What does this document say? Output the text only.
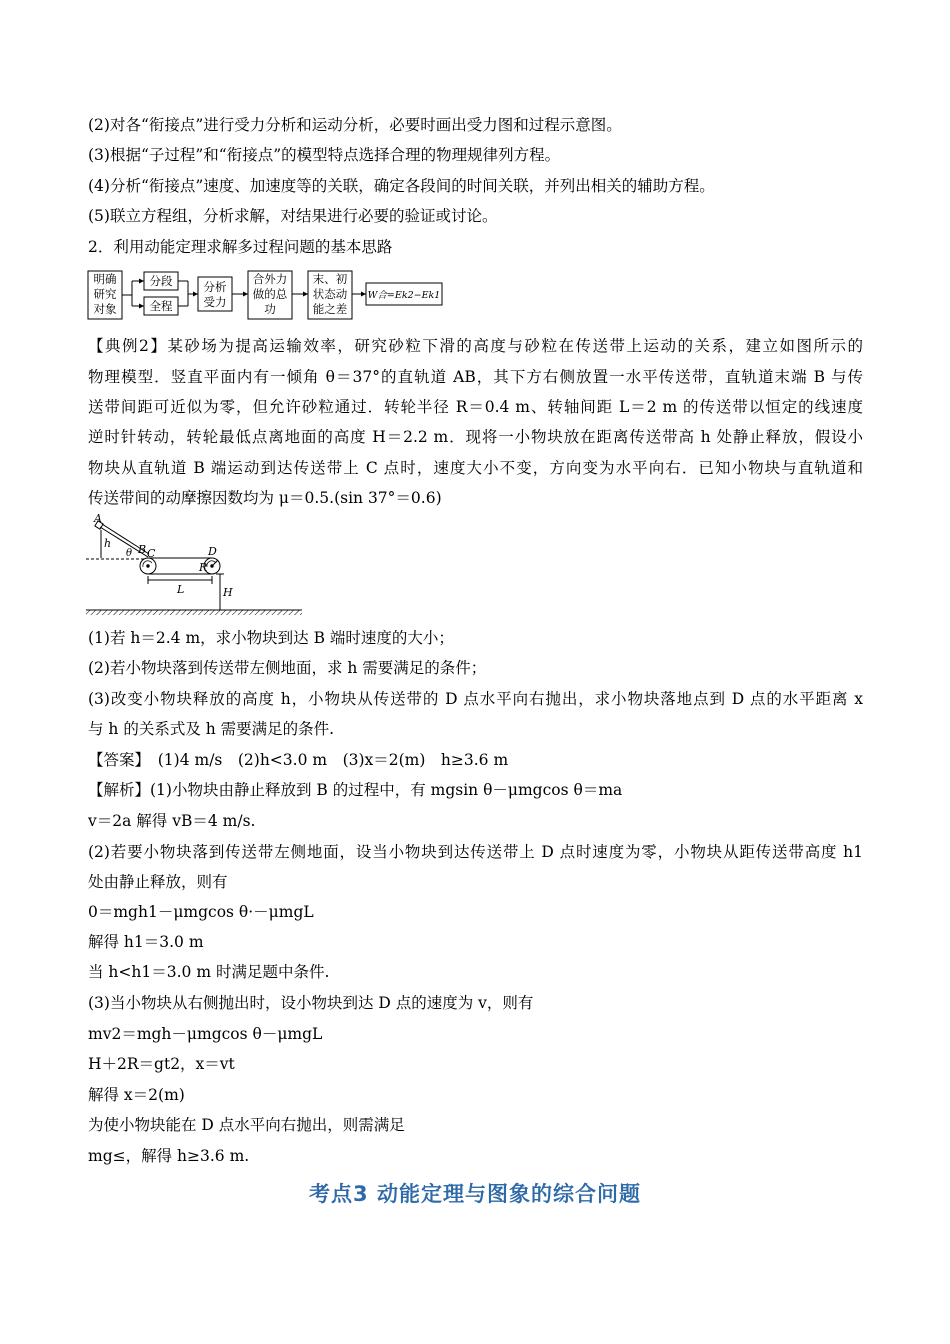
(2)对各“衔接点”进行受力分析和运动分析，必要时画出受力图和过程示意图。

(3)根据“子过程”和“衔接点”的模型特点选择合理的物理规律列方程。

(4)分析“衔接点”速度、加速度等的关联，确定各段间的时间关联，并列出相关的辅助方程。

(5)联立方程组，分析求解，对结果进行必要的验证或讨论。

2．利用动能定理求解多过程问题的基本思路

明确
研究
对象
分段
全程
分析
受力
合外力
做的总
功
末、初
状态动
能之差
W合=Ek2−Ek1

【典例2】某砂场为提高运输效率，研究砂粒下滑的高度与砂粒在传送带上运动的关系，建立如图所示的

物理模型．竖直平面内有一倾角 θ＝37°的直轨道 AB，其下方右侧放置一水平传送带，直轨道末端 B 与传

送带间距可近似为零，但允许砂粒通过．转轮半径 R＝0.4 m、转轴间距 L＝2 m 的传送带以恒定的线速度

逆时针转动，转轮最低点离地面的高度 H＝2.2 m．现将一小物块放在距离传送带高 h 处静止释放，假设小

物块从直轨道 B 端运动到达传送带上 C 点时，速度大小不变，方向变为水平向右．已知小物块与直轨道和

传送带间的动摩擦因数均为 μ＝0.5.(sin 37°＝0.6)

A
h
θ B C	D
R
L	H

(1)若 h＝2.4 m，求小物块到达 B 端时速度的大小；

(2)若小物块落到传送带左侧地面，求 h 需要满足的条件；

(3)改变小物块释放的高度 h，小物块从传送带的 D 点水平向右抛出，求小物块落地点到 D 点的水平距离 x

与 h 的关系式及 h 需要满足的条件.

【答案】　(1)4 m/s　(2)h<3.0 m　(3)x＝2(m)　h≥3.6 m

【解析】(1)小物块由静止释放到 B 的过程中，有 mgsin θ－μmgcos θ＝ma

v＝2a 解得 vB＝4 m/s.

(2)若要小物块落到传送带左侧地面，设当小物块到达传送带上 D 点时速度为零，小物块从距传送带高度 h1

处由静止释放，则有

0＝mgh1－μmgcos θ·－μmgL

解得 h1＝3.0 m

当 h<h1＝3.0 m 时满足题中条件.

(3)当小物块从右侧抛出时，设小物块到达 D 点的速度为 v，则有

mv2＝mgh－μmgcos θ－μmgL

H＋2R＝gt2，x＝vt

解得 x＝2(m)

为使小物块能在 D 点水平向右抛出，则需满足

mg≤，解得 h≥3.6 m.

考点3 动能定理与图象的综合问题
